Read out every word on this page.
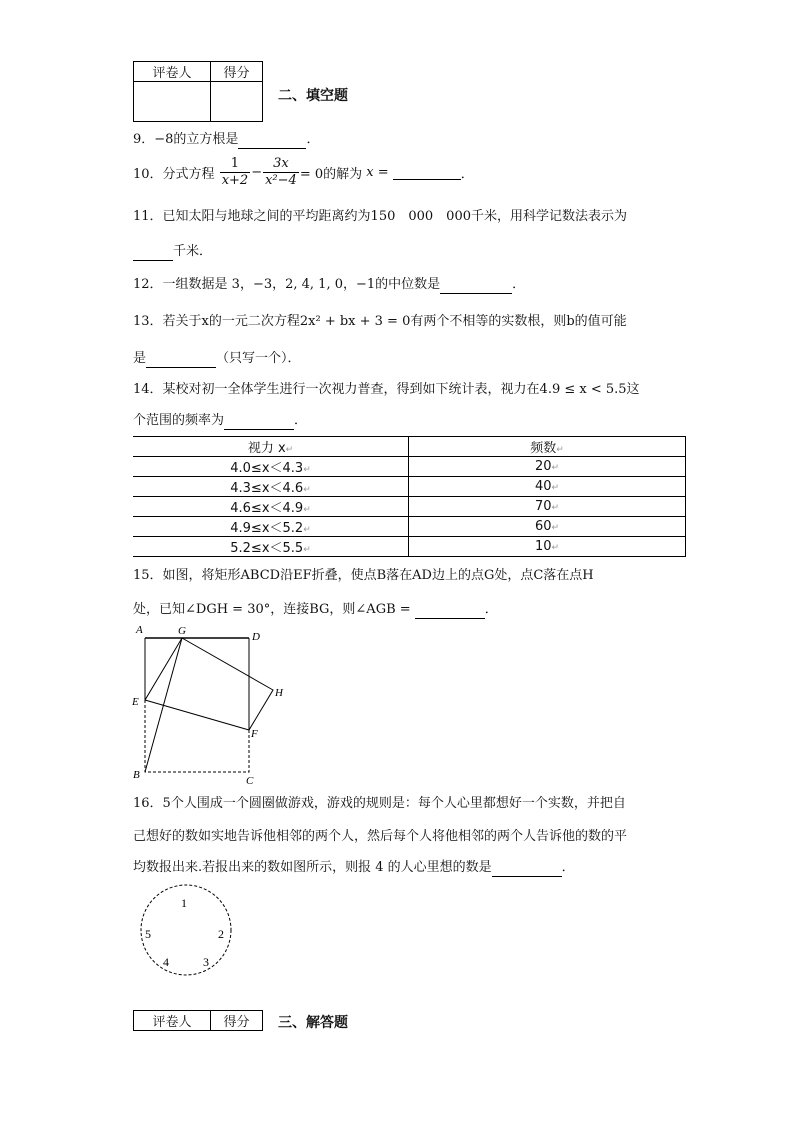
评卷人	得分

二、填空题
9．−8的立方根是	．
10．分式方程 $\frac{1}{x+2} - \frac{3x}{\text{x²−4}} = 0$的解为 x =	．
11．已知太阳与地球之间的平均距离约为150　000　000千米，用科学记数法表示为
千米．
12．一组数据是 3，−3，2, 4, 1, 0，−1的中位数是	．
13．若关于x的一元二次方程2x² + bx + 3 = 0有两个不相等的实数根，则b的值可能
是	（只写一个）．
14．某校对初一全体学生进行一次视力普查，得到如下统计表，视力在4.9 ≤ x < 5.5这
个范围的频率为	．
视力 x↵	频数↵
4.0≤x＜4.3↵	20↵
4.3≤x＜4.6↵	40↵
4.6≤x＜4.9↵	70↵
4.9≤x＜5.2↵	60↵
5.2≤x＜5.5↵	10↵
15．如图，将矩形ABCD沿EF折叠，使点B落在AD边上的点G处，点C落在点H
处，已知∠DGH = 30°，连接BG，则∠AGB =	．
A	G	D
H
E
F
B	C
16．5个人围成一个圆圈做游戏，游戏的规则是：每个人心里都想好一个实数，并把自
己想好的数如实地告诉他相邻的两个人，然后每个人将他相邻的两个人告诉他的数的平
均数报出来.若报出来的数如图所示，则报 4 的人心里想的数是	．
1
2
3
4
5
评卷人	得分 三、解答题
